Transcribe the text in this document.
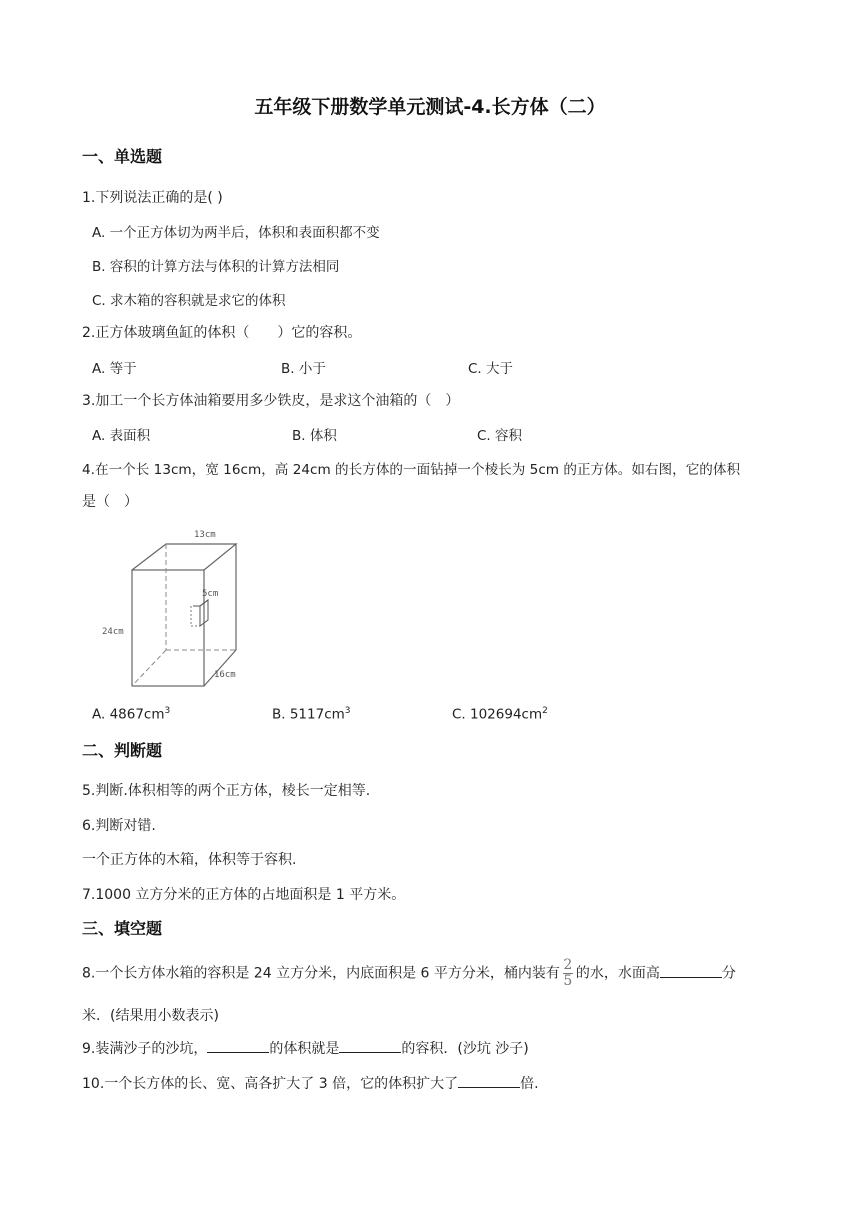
五年级下册数学单元测试-4.长方体（二）
一、单选题
1.下列说法正确的是( )
A. 一个正方体切为两半后，体积和表面积都不变
B. 容积的计算方法与体积的计算方法相同
C. 求木箱的容积就是求它的体积
2.正方体玻璃鱼缸的体积（　　）它的容积。
A. 等于	B. 小于	C. 大于
3.加工一个长方体油箱要用多少铁皮，是求这个油箱的（　）
A. 表面积	B. 体积	C. 容积
4.在一个长 13cm，宽 16cm，高 24cm 的长方体的一面钻掉一个棱长为 5cm 的正方体。如右图，它的体积
是（　）
13cm
24cm
16cm
5cm
A. $4867cm^3$	B. $5117cm^3$	C. $102694cm^2$
二、判断题
5.判断.体积相等的两个正方体，棱长一定相等.
6.判断对错.
一个正方体的木箱，体积等于容积.
7.1000 立方分米的正方体的占地面积是 1 平方米。
三、填空题
8.一个长方体水箱的容积是 24 立方分米，内底面积是 6 平方分米，桶内装有 $\frac{2}{5}$ 的水，水面高	分
米．(结果用小数表示)
9.装满沙子的沙坑，	的体积就是	的容积．(沙坑 沙子)
10.一个长方体的长、宽、高各扩大了 3 倍，它的体积扩大了	倍.
